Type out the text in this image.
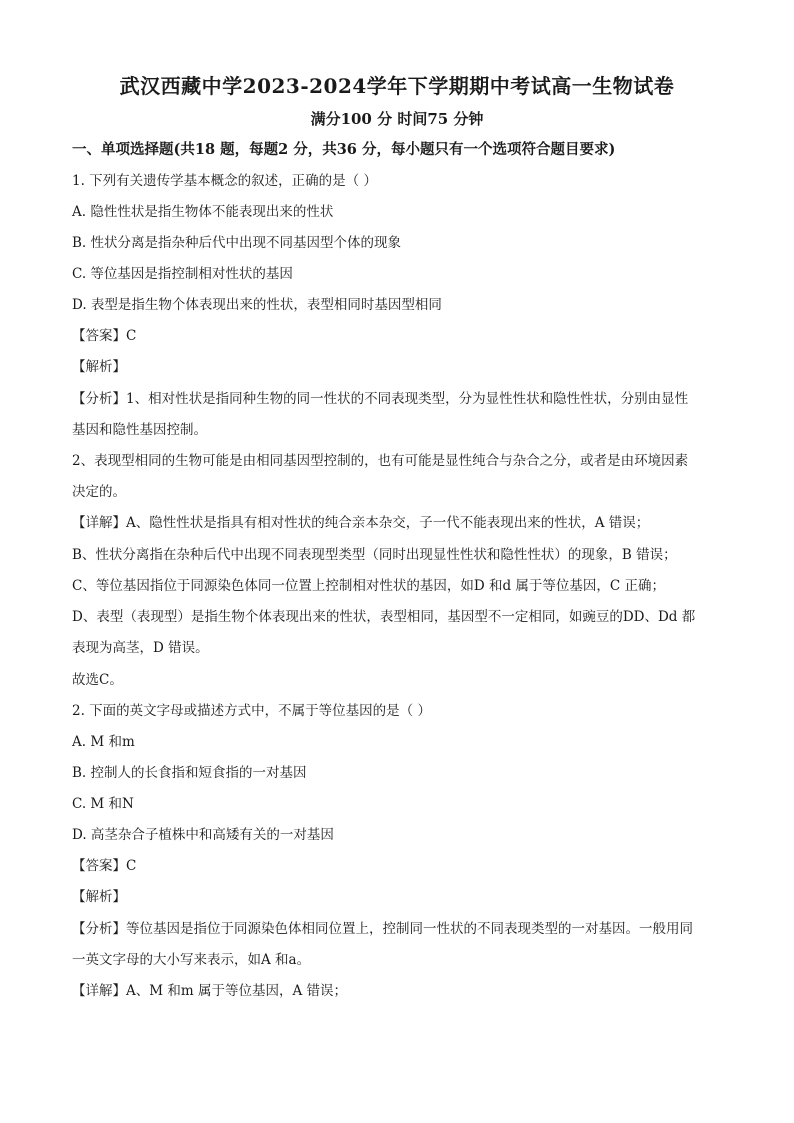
武汉西藏中学2023-2024学年下学期期中考试高一生物试卷
满分100 分 时间75 分钟
一、单项选择题(共18 题，每题2 分，共36 分，每小题只有一个选项符合题目要求)
1. 下列有关遗传学基本概念的叙述，正确的是（ ）
A. 隐性性状是指生物体不能表现出来的性状
B. 性状分离是指杂种后代中出现不同基因型个体的现象
C. 等位基因是指控制相对性状的基因
D. 表型是指生物个体表现出来的性状，表型相同时基因型相同
【答案】C
【解析】
【分析】1、相对性状是指同种生物的同一性状的不同表现类型，分为显性性状和隐性性状，分别由显性
基因和隐性基因控制。
2、表现型相同的生物可能是由相同基因型控制的，也有可能是显性纯合与杂合之分，或者是由环境因素
决定的。
【详解】A、隐性性状是指具有相对性状的纯合亲本杂交，子一代不能表现出来的性状，A 错误；
B、性状分离指在杂种后代中出现不同表现型类型（同时出现显性性状和隐性性状）的现象，B 错误；
C、等位基因指位于同源染色体同一位置上控制相对性状的基因，如D 和d 属于等位基因，C 正确；
D、表型（表现型）是指生物个体表现出来的性状，表型相同，基因型不一定相同，如豌豆的DD、Dd 都
表现为高茎，D 错误。
故选C。
2. 下面的英文字母或描述方式中，不属于等位基因的是（ ）
A. M 和m
B. 控制人的长食指和短食指的一对基因
C. M 和N
D. 高茎杂合子植株中和高矮有关的一对基因
【答案】C
【解析】
【分析】等位基因是指位于同源染色体相同位置上，控制同一性状的不同表现类型的一对基因。一般用同
一英文字母的大小写来表示，如A 和a。
【详解】A、M 和m 属于等位基因，A 错误；
